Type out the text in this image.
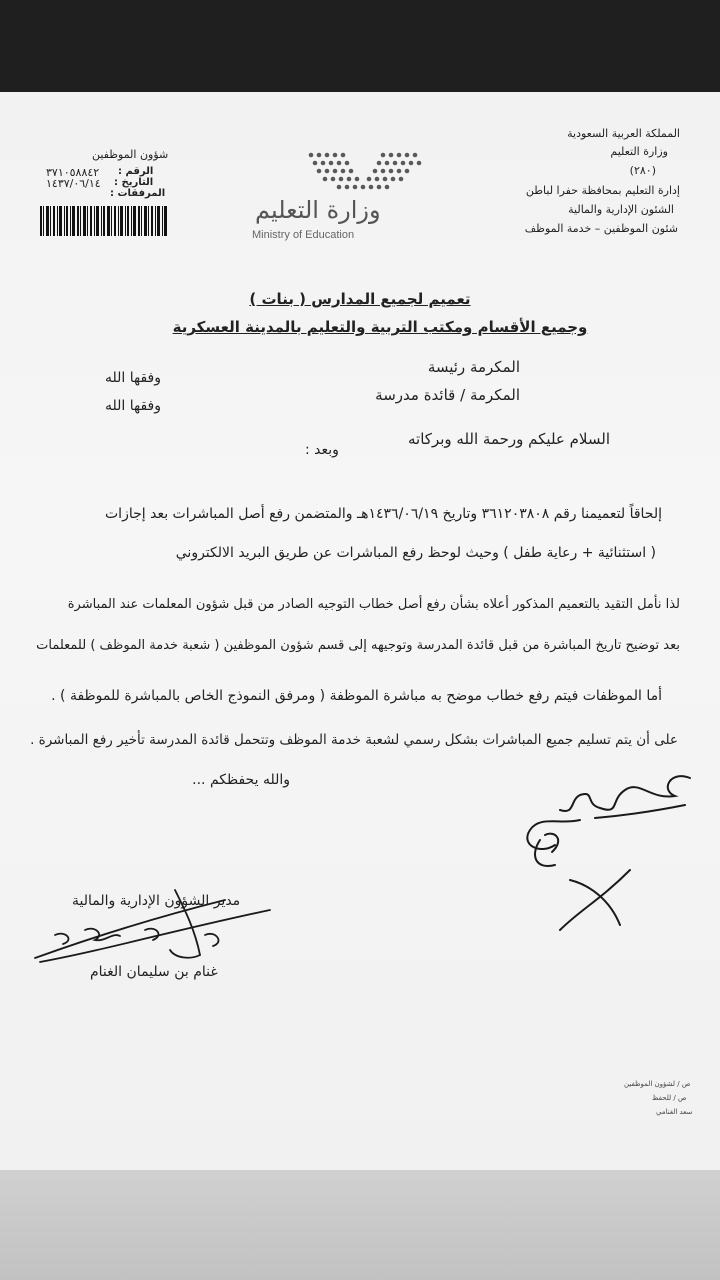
المملكة العربية السعودية
وزارة التعليم
(٢٨٠)
إدارة التعليم بمحافظة حفرا لباطن
الشئون الإدارية والمالية
شئون الموظفين – خدمة الموظف
شؤون الموظفين
الرقم :
٣٧١٠٥٨٨٤٢
التاريخ :
١٤٣٧/٠٦/١٤
المرفقات :
وزارة التعليم
Ministry of Education
تعميم لجميع المدارس ( بنات )
وجميع الأقسام ومكتب التربية والتعليم بالمدينة العسكرية
المكرمة رئيسة
المكرمة / قائدة مدرسة
وفقها الله
وفقها الله
السلام عليكم ورحمة الله وبركاته
وبعد :
إلحاقاً لتعميمنا رقم ٣٦١٢٠٣٨٠٨ وتاريخ ١٤٣٦/٠٦/١٩هـ والمتضمن رفع أصل المباشرات بعد إجازات
( استثنائية + رعاية طفل ) وحيث لوحظ رفع المباشرات عن طريق البريد الالكتروني
لذا نأمل التقيد بالتعميم المذكور أعلاه بشأن رفع أصل خطاب التوجيه الصادر من قبل شؤون المعلمات عند المباشرة
بعد توضيح تاريخ المباشرة من قبل قائدة المدرسة وتوجيهه إلى قسم شؤون الموظفين ( شعبة خدمة الموظف ) للمعلمات
أما الموظفات فيتم رفع خطاب موضح به مباشرة الموظفة ( ومرفق النموذج الخاص بالمباشرة للموظفة ) .
على أن يتم تسليم جميع المباشرات بشكل رسمي لشعبة خدمة الموظف وتتحمل قائدة المدرسة تأخير رفع المباشرة .
والله يحفظكم ...
مدير الشؤون الإدارية والمالية
غنام بن سليمان الغنام
ص / لشؤون الموظفين
ص / للحفظ
سعد الغنامي
